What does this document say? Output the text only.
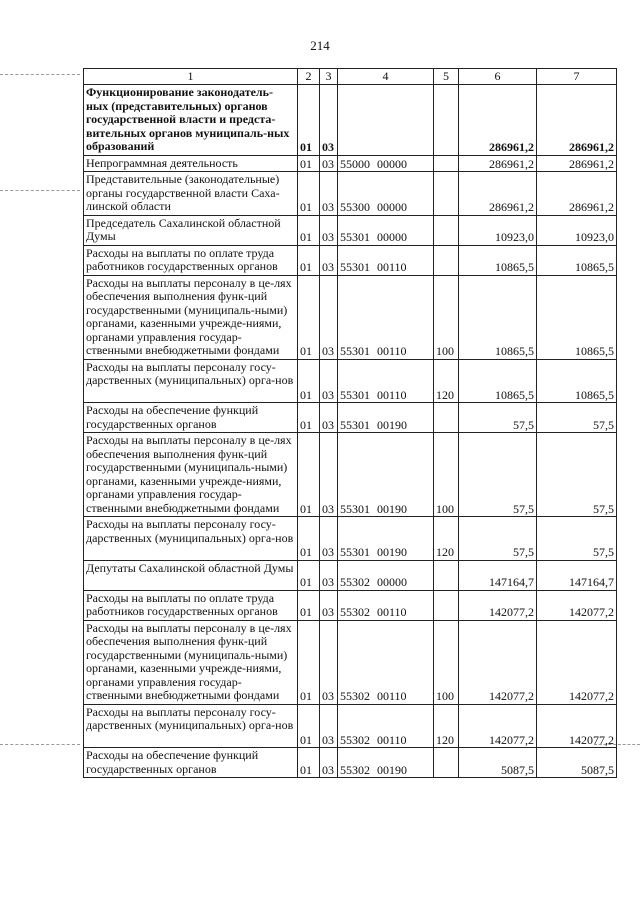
214
1	2	3	4	5	6	7
Функционирование законодатель-ных (представительных) органов государственной власти и предста-вительных органов муниципаль-ных образований	01	03			286961,2	286961,2
Непрограммная деятельность	01	03	55000 00000		286961,2	286961,2
Представительные (законодательные) органы государственной власти Саха-линской области	01	03	55300 00000		286961,2	286961,2
Председатель Сахалинской областной Думы	01	03	55301 00000		10923,0	10923,0
Расходы на выплаты по оплате труда работников государственных органов	01	03	55301 00110		10865,5	10865,5
Расходы на выплаты персоналу в це-лях обеспечения выполнения функ-ций государственными (муниципаль-ными) органами, казенными учрежде-ниями, органами управления государ-ственными внебюджетными фондами	01	03	55301 00110	100	10865,5	10865,5
Расходы на выплаты персоналу госу-дарственных (муниципальных) орга-нов	01	03	55301 00110	120	10865,5	10865,5
Расходы на обеспечение функций государственных органов	01	03	55301 00190		57,5	57,5
Расходы на выплаты персоналу в це-лях обеспечения выполнения функ-ций государственными (муниципаль-ными) органами, казенными учрежде-ниями, органами управления государ-ственными внебюджетными фондами	01	03	55301 00190	100	57,5	57,5
Расходы на выплаты персоналу госу-дарственных (муниципальных) орга-нов	01	03	55301 00190	120	57,5	57,5
Депутаты Сахалинской областной Думы	01	03	55302 00000		147164,7	147164,7
Расходы на выплаты по оплате труда работников государственных органов	01	03	55302 00110		142077,2	142077,2
Расходы на выплаты персоналу в це-лях обеспечения выполнения функ-ций государственными (муниципаль-ными) органами, казенными учрежде-ниями, органами управления государ-ственными внебюджетными фондами	01	03	55302 00110	100	142077,2	142077,2
Расходы на выплаты персоналу госу-дарственных (муниципальных) орга-нов	01	03	55302 00110	120	142077,2	142077,2
Расходы на обеспечение функций государственных органов	01	03	55302 00190		5087,5	5087,5
